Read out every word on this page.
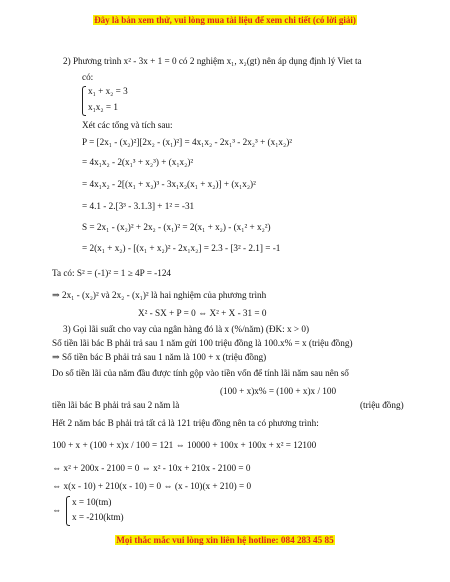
Đây là bản xem thử, vui lòng mua tài liệu để xem chi tiết (có lời giải)
2) Phương trình x² - 3x + 1 = 0 có 2 nghiệm x₁, x₂(gt) nên áp dụng định lý Viet ta
có:
x₁ + x₂ = 3
x₁x₂ = 1
Xét các tổng và tích sau:
P = [2x₁ - (x₂)²][2x₂ - (x₁)²] = 4x₁x₂ - 2x₁³ - 2x₂³ + (x₁x₂)²
= 4x₁x₂ - 2(x₁³ + x₂³) + (x₁x₂)²
= 4x₁x₂ - 2[(x₁ + x₂)³ - 3x₁x₂(x₁ + x₂)] + (x₁x₂)²
= 4.1 - 2.[3³ - 3.1.3] + 1² = -31
S = 2x₁ - (x₂)² + 2x₂ - (x₁)² = 2(x₁ + x₂) - (x₁² + x₂²)
= 2(x₁ + x₂) - [(x₁ + x₂)² - 2x₁x₂] = 2.3 - [3² - 2.1] = -1
Ta có: S² = (-1)² = 1 ≥ 4P = -124
⇒ 2x₁ - (x₂)² và 2x₂ - (x₁)² là hai nghiệm của phương trình
X² - SX + P = 0 ⇔ X² + X - 31 = 0
3) Gọi lãi suất cho vay của ngân hàng đó là x (%/năm) (ĐK: x > 0)
Số tiền lãi bác B phải trả sau 1 năm gửi 100 triệu đồng là 100.x% = x (triệu đồng)
⇒ Số tiền bác B phải trả sau 1 năm là 100 + x (triệu đồng)
Do số tiền lãi của năm đầu được tính gộp vào tiền vốn để tính lãi năm sau nên số
(100 + x)x% = (100 + x)x / 100
tiền lãi bác B phải trả sau 2 năm là	(triệu đồng)
Hết 2 năm bác B phải trả tất cả là 121 triệu đồng nên ta có phương trình:
100 + x + (100 + x)x / 100 = 121 ⇔ 10000 + 100x + 100x + x² = 12100
⇔ x² + 200x - 2100 = 0 ⇔ x² - 10x + 210x - 2100 = 0
⇔ x(x - 10) + 210(x - 10) = 0 ⇔ (x - 10)(x + 210) = 0
x = 10(tm)
x = -210(ktm)
⇔
Mọi thắc mắc vui lòng xin liên hệ hotline: 084 283 45 85
